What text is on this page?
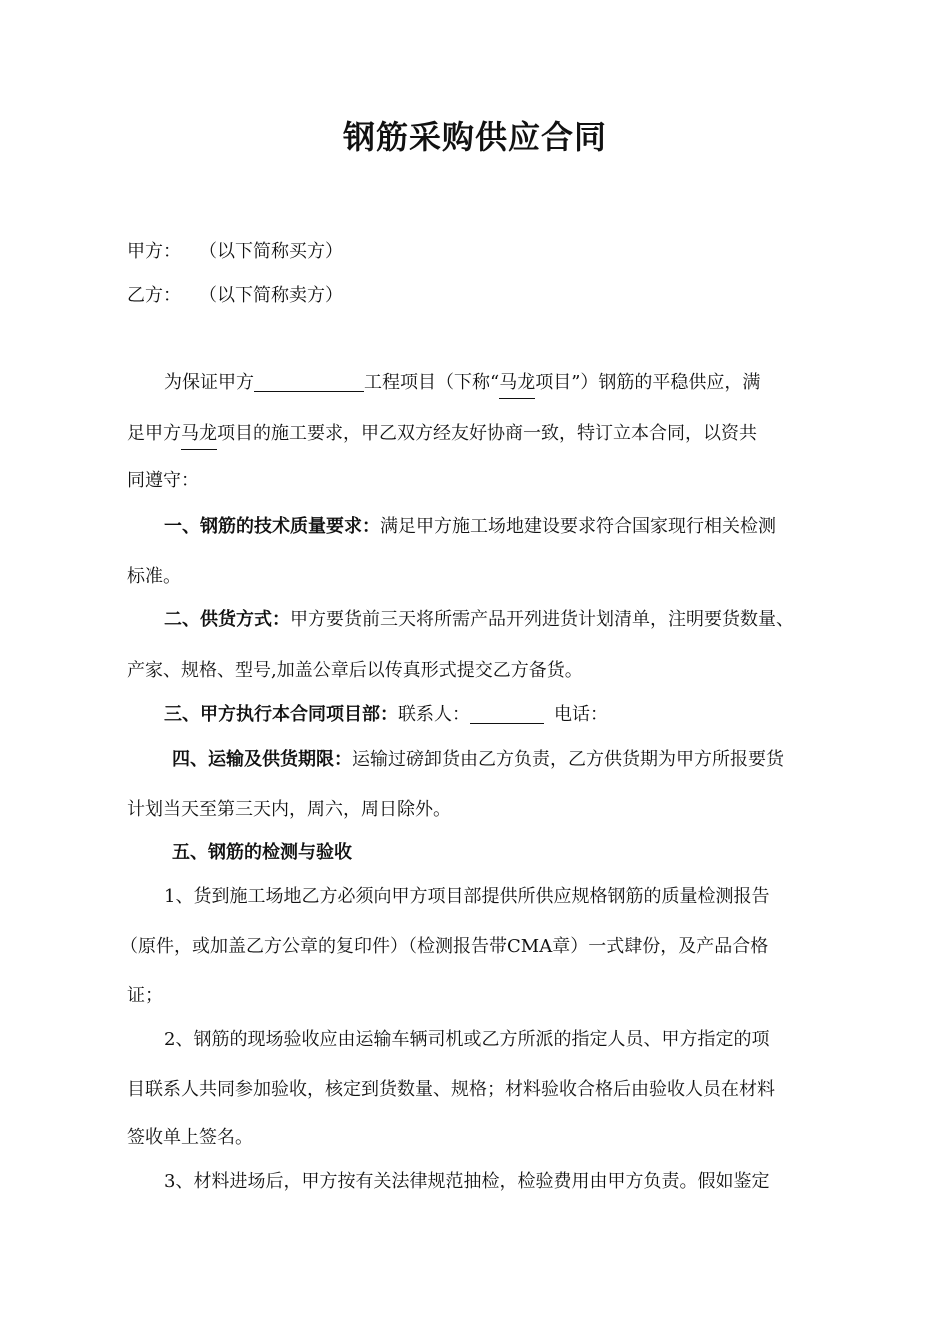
钢筋采购供应合同
甲方： （以下简称买方）
乙方： （以下简称卖方）
为保证甲方	工程项目（下称“马龙项目”）钢筋的平稳供应，满
足甲方马龙项目的施工要求，甲乙双方经友好协商一致，特订立本合同，以资共
同遵守：
一、钢筋的技术质量要求：满足甲方施工场地建设要求符合国家现行相关检测
标准。
二、供货方式：甲方要货前三天将所需产品开列进货计划清单，注明要货数量、
产家、规格、型号,加盖公章后以传真形式提交乙方备货。
三、甲方执行本合同项目部：联系人：	电话：
四、运输及供货期限：运输过磅卸货由乙方负责，乙方供货期为甲方所报要货
计划当天至第三天内，周六，周日除外。
五、钢筋的检测与验收
1、货到施工场地乙方必须向甲方项目部提供所供应规格钢筋的质量检测报告
（原件，或加盖乙方公章的复印件）（检测报告带CMA章）一式肆份，及产品合格
证；
2、钢筋的现场验收应由运输车辆司机或乙方所派的指定人员、甲方指定的项
目联系人共同参加验收，核定到货数量、规格；材料验收合格后由验收人员在材料
签收单上签名。
3、材料进场后，甲方按有关法律规范抽检，检验费用由甲方负责。假如鉴定
